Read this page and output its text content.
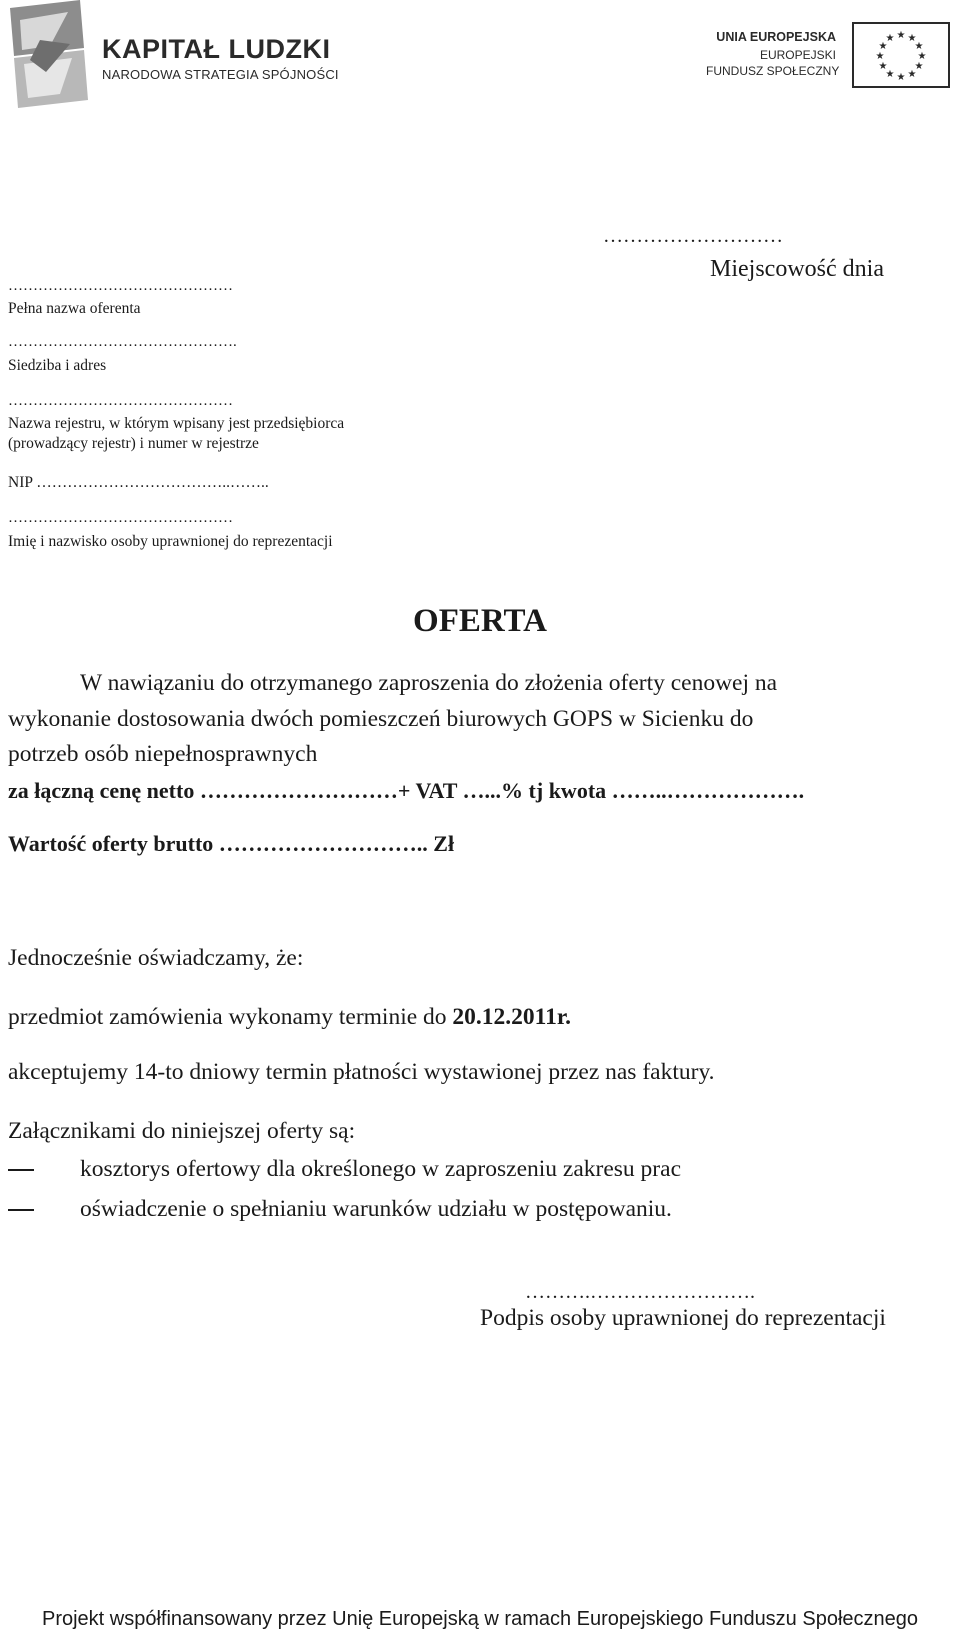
KAPITAŁ LUDZKI
NARODOWA STRATEGIA SPÓJNOŚCI
UNIA EUROPEJSKA
EUROPEJSKI
FUNDUSZ SPOŁECZNY
★ ★
★
★
★
★
★
★
★
★
★
★
………………………
Miejscowość dnia
………………………………………
Pełna nazwa oferenta
……………………………………….
Siedziba i adres
………………………………………
Nazwa rejestru, w którym wpisany jest przedsiębiorca
(prowadzący rejestr) i numer w rejestrze
NIP ………………………………..……..
………………………………………
Imię i nazwisko osoby uprawnionej do reprezentacji
OFERTA
W nawiązaniu do otrzymanego zaproszenia do złożenia oferty cenowej na
wykonanie dostosowania dwóch pomieszczeń biurowych GOPS w Sicienku do
potrzeb osób niepełnosprawnych
za łączną cenę netto ………………………+ VAT …...% tj kwota ……..……………….
Wartość oferty brutto ……………………….. Zł
Jednocześnie oświadczamy, że:
przedmiot zamówienia wykonamy terminie do 20.12.2011r.
akceptujemy 14-to dniowy termin płatności wystawionej przez nas faktury.
Załącznikami do niniejszej oferty są:
kosztorys ofertowy dla określonego w zaproszeniu zakresu prac
oświadczenie o spełnianiu warunków udziału w postępowaniu.
……….…………………….
Podpis osoby uprawnionej do reprezentacji
Projekt współfinansowany przez Unię Europejską w ramach Europejskiego Funduszu Społecznego
